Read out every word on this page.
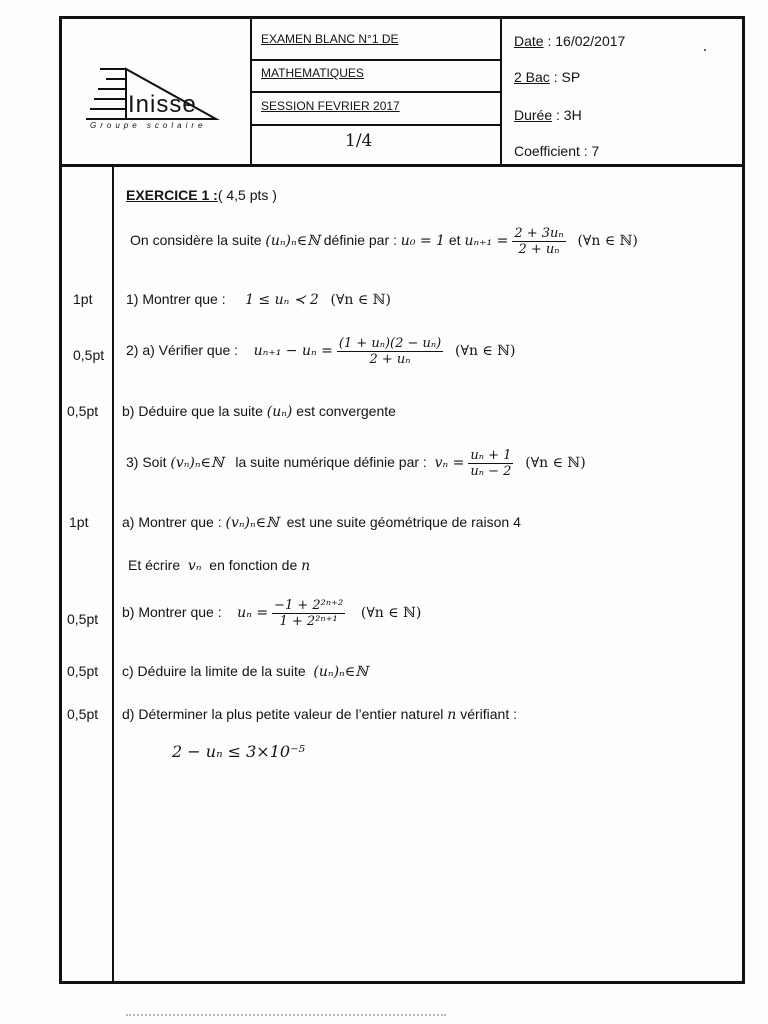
Inisse
Groupe scolaire
EXAMEN BLANC N°1 DE
MATHEMATIQUES
SESSION FEVRIER 2017
1/4
Date : 16/02/2017
2 Bac : SP
Durée : 3H
Coefficient : 7
1pt
0,5pt
0,5pt
1pt
0,5pt
0,5pt
0,5pt
EXERCICE 1 :( 4,5 pts )
On considère la suite (uₙ)ₙ∈ℕ définie par : u₀ = 1 et $u_{n+1} = \frac{\text{2 + 3uₙ}}{\text{2 + uₙ}}$ (∀n ∈ ℕ)
1) Montrer que : 1 ≤ uₙ ≺ 2 (∀n ∈ ℕ)
2) a) Vérifier que : $u_{n+1} - u_n = \frac{\text{(1 + uₙ)(2 − uₙ)}}{\text{2 + uₙ}}$ (∀n ∈ ℕ)
b) Déduire que la suite (uₙ) est convergente
3) Soit (vₙ)ₙ∈ℕ   la suite numérique définie par : $v_n = \frac{\text{uₙ + 1}}{\text{uₙ − 2}}$ (∀n ∈ ℕ)
a) Montrer que : (vₙ)ₙ∈ℕ  est une suite géométrique de raison 4
Et écrire  vₙ  en fonction de n
b) Montrer que : $u_n = \frac{\text{−1 + 2²ⁿ⁺²}}{\text{1 + 2²ⁿ⁺¹}}$ (∀n ∈ ℕ)
c) Déduire la limite de la suite  (uₙ)ₙ∈ℕ
d) Déterminer la plus petite valeur de l’entier naturel n vérifiant :
2 − uₙ ≤ 3×10⁻⁵
